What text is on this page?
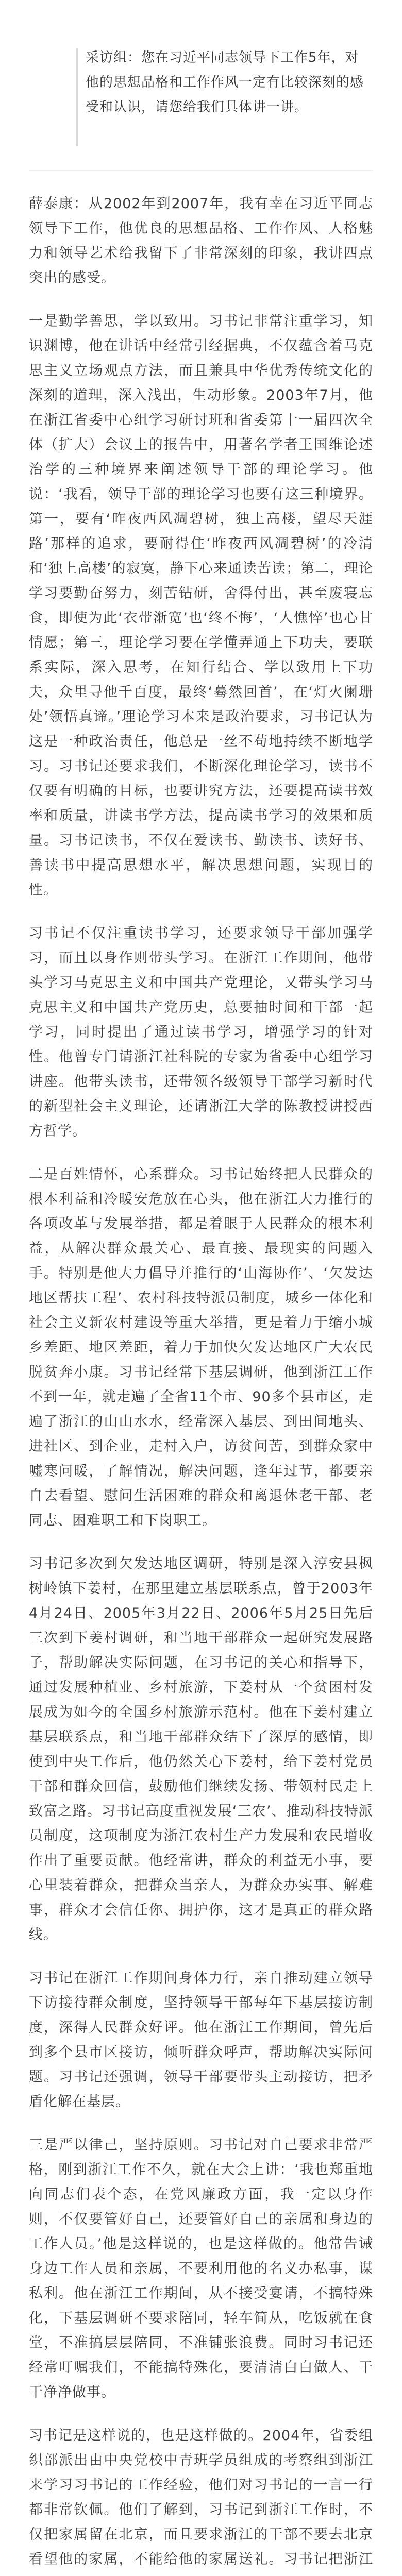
采访组：您在习近平同志领导下工作5年，对他的思想品格和工作作风一定有比较深刻的感受和认识，请您给我们具体讲一讲。

薛泰康：从2002年到2007年，我有幸在习近平同志领导下工作，他优良的思想品格、工作作风、人格魅力和领导艺术给我留下了非常深刻的印象，我讲四点突出的感受。

一是勤学善思，学以致用。习书记非常注重学习，知识渊博，他在讲话中经常引经据典，不仅蕴含着马克思主义立场观点方法，而且兼具中华优秀传统文化的深刻的道理，深入浅出，生动形象。2003年7月，他在浙江省委中心组学习研讨班和省委第十一届四次全体（扩大）会议上的报告中，用著名学者王国维论述治学的三种境界来阐述领导干部的理论学习。他说：‘我看，领导干部的理论学习也要有这三种境界。第一，要有‘昨夜西风凋碧树，独上高楼，望尽天涯路’那样的追求，要耐得住‘昨夜西风凋碧树’的冷清和‘独上高楼’的寂寞，静下心来通读苦读；第二，理论学习要勤奋努力，刻苦钻研，舍得付出，甚至废寝忘食，即使为此‘衣带渐宽’也‘终不悔’，‘人憔悴’也心甘情愿；第三，理论学习要在学懂弄通上下功夫，要联系实际，深入思考，在知行结合、学以致用上下功夫，众里寻他千百度，最终‘蓦然回首’，在‘灯火阑珊处’领悟真谛。’理论学习本来是政治要求，习书记认为这是一种政治责任，他总是一丝不苟地持续不断地学习。习书记还要求我们，不断深化理论学习，读书不仅要有明确的目标，也要讲究方法，还要提高读书效率和质量，讲读书学方法，提高读书学习的效果和质量。习书记读书，不仅在爱读书、勤读书、读好书、善读书中提高思想水平，解决思想问题，实现目的性。

习书记不仅注重读书学习，还要求领导干部加强学习，而且以身作则带头学习。在浙江工作期间，他带头学习马克思主义和中国共产党理论，又带头学习马克思主义和中国共产党历史，总要抽时间和干部一起学习，同时提出了通过读书学习，增强学习的针对性。他曾专门请浙江社科院的专家为省委中心组学习讲座。他带头读书，还带领各级领导干部学习新时代的新型社会主义理论，还请浙江大学的陈教授讲授西方哲学。

二是百姓情怀，心系群众。习书记始终把人民群众的根本利益和冷暖安危放在心头，他在浙江大力推行的各项改革与发展举措，都是着眼于人民群众的根本利益，从解决群众最关心、最直接、最现实的问题入手。特别是他大力倡导并推行的‘山海协作’、‘欠发达地区帮扶工程’、农村科技特派员制度，城乡一体化和社会主义新农村建设等重大举措，更是着力于缩小城乡差距、地区差距，着力于加快欠发达地区广大农民脱贫奔小康。习书记经常下基层调研，他到浙江工作不到一年，就走遍了全省11个市、90多个县市区，走遍了浙江的山山水水，经常深入基层、到田间地头、进社区、到企业，走村入户，访贫问苦，到群众家中嘘寒问暖，了解情况，解决问题，逢年过节，都要亲自去看望、慰问生活困难的群众和离退休老干部、老同志、困难职工和下岗职工。

习书记多次到欠发达地区调研，特别是深入淳安县枫树岭镇下姜村，在那里建立基层联系点，曾于2003年4月24日、2005年3月22日、2006年5月25日先后三次到下姜村调研，和当地干部群众一起研究发展路子，帮助解决实际问题，在习书记的关心和指导下，通过发展种植业、乡村旅游，下姜村从一个贫困村发展成为如今的全国乡村旅游示范村。他在下姜村建立基层联系点，和当地干部群众结下了深厚的感情，即使到中央工作后，他仍然关心下姜村，给下姜村党员干部和群众回信，鼓励他们继续发扬、带领村民走上致富之路。习书记高度重视发展‘三农’、推动科技特派员制度，这项制度为浙江农村生产力发展和农民增收作出了重要贡献。他经常讲，群众的利益无小事，要心里装着群众，把群众当亲人，为群众办实事、解难事，群众才会信任你、拥护你，这才是真正的群众路线。

习书记在浙江工作期间身体力行，亲自推动建立领导下访接待群众制度，坚持领导干部每年下基层接访制度，深得人民群众好评。他在浙江工作期间，曾先后到多个县市区接访，倾听群众呼声，帮助解决实际问题。习书记还强调，领导干部要带头主动接访，把矛盾化解在基层。

三是严以律己，坚持原则。习书记对自己要求非常严格，刚到浙江工作不久，就在大会上讲：‘我也郑重地向同志们表个态，在党风廉政方面，我一定以身作则，不仅要管好自己，还要管好自己的亲属和身边的工作人员。’他是这样说的，也是这样做的。他常告诫身边工作人员和亲属，不要利用他的名义办私事，谋私利。他在浙江工作期间，从不接受宴请，不搞特殊化，下基层调研不要求陪同，轻车简从，吃饭就在食堂，不准搞层层陪同，不准铺张浪费。同时习书记还经常叮嘱我们，不能搞特殊化，要清清白白做人、干干净净做事。

习书记是这样说的，也是这样做的。2004年，省委组织部派出由中央党校中青班学员组成的考察组到浙江来学习习书记的工作经验，他们对习书记的一言一行都非常钦佩。他们了解到，习书记到浙江工作时，不仅把家属留在北京，而且要求浙江的干部不要去北京看望他的家属，不能给他的家属送礼。习书记把浙江
